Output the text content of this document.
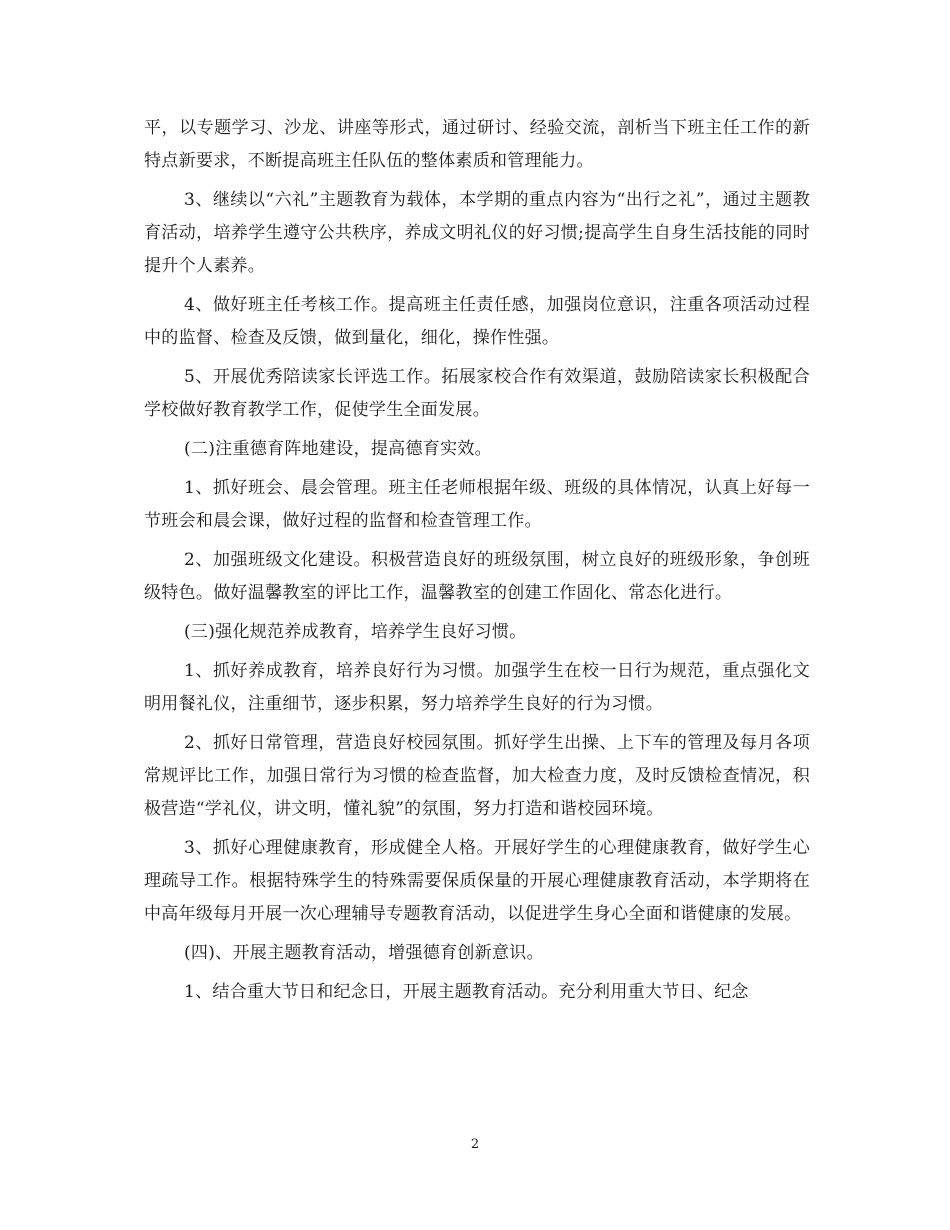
平，以专题学习、沙龙、讲座等形式，通过研讨、经验交流，剖析当下班主任工作的新特点新要求，不断提高班主任队伍的整体素质和管理能力。

3、继续以“六礼”主题教育为载体，本学期的重点内容为“出行之礼”，通过主题教育活动，培养学生遵守公共秩序，养成文明礼仪的好习惯;提高学生自身生活技能的同时提升个人素养。

4、做好班主任考核工作。提高班主任责任感，加强岗位意识，注重各项活动过程中的监督、检查及反馈，做到量化，细化，操作性强。

5、开展优秀陪读家长评选工作。拓展家校合作有效渠道，鼓励陪读家长积极配合学校做好教育教学工作，促使学生全面发展。

(二)注重德育阵地建设，提高德育实效。

1、抓好班会、晨会管理。班主任老师根据年级、班级的具体情况，认真上好每一节班会和晨会课，做好过程的监督和检查管理工作。

2、加强班级文化建设。积极营造良好的班级氛围，树立良好的班级形象，争创班级特色。做好温馨教室的评比工作，温馨教室的创建工作固化、常态化进行。

(三)强化规范养成教育，培养学生良好习惯。

1、抓好养成教育，培养良好行为习惯。加强学生在校一日行为规范，重点强化文明用餐礼仪，注重细节，逐步积累，努力培养学生良好的行为习惯。

2、抓好日常管理，营造良好校园氛围。抓好学生出操、上下车的管理及每月各项常规评比工作，加强日常行为习惯的检查监督，加大检查力度，及时反馈检查情况，积极营造“学礼仪，讲文明，懂礼貌”的氛围，努力打造和谐校园环境。

3、抓好心理健康教育，形成健全人格。开展好学生的心理健康教育，做好学生心理疏导工作。根据特殊学生的特殊需要保质保量的开展心理健康教育活动，本学期将在中高年级每月开展一次心理辅导专题教育活动，以促进学生身心全面和谐健康的发展。

(四)、开展主题教育活动，增强德育创新意识。

1、结合重大节日和纪念日，开展主题教育活动。充分利用重大节日、纪念

2
